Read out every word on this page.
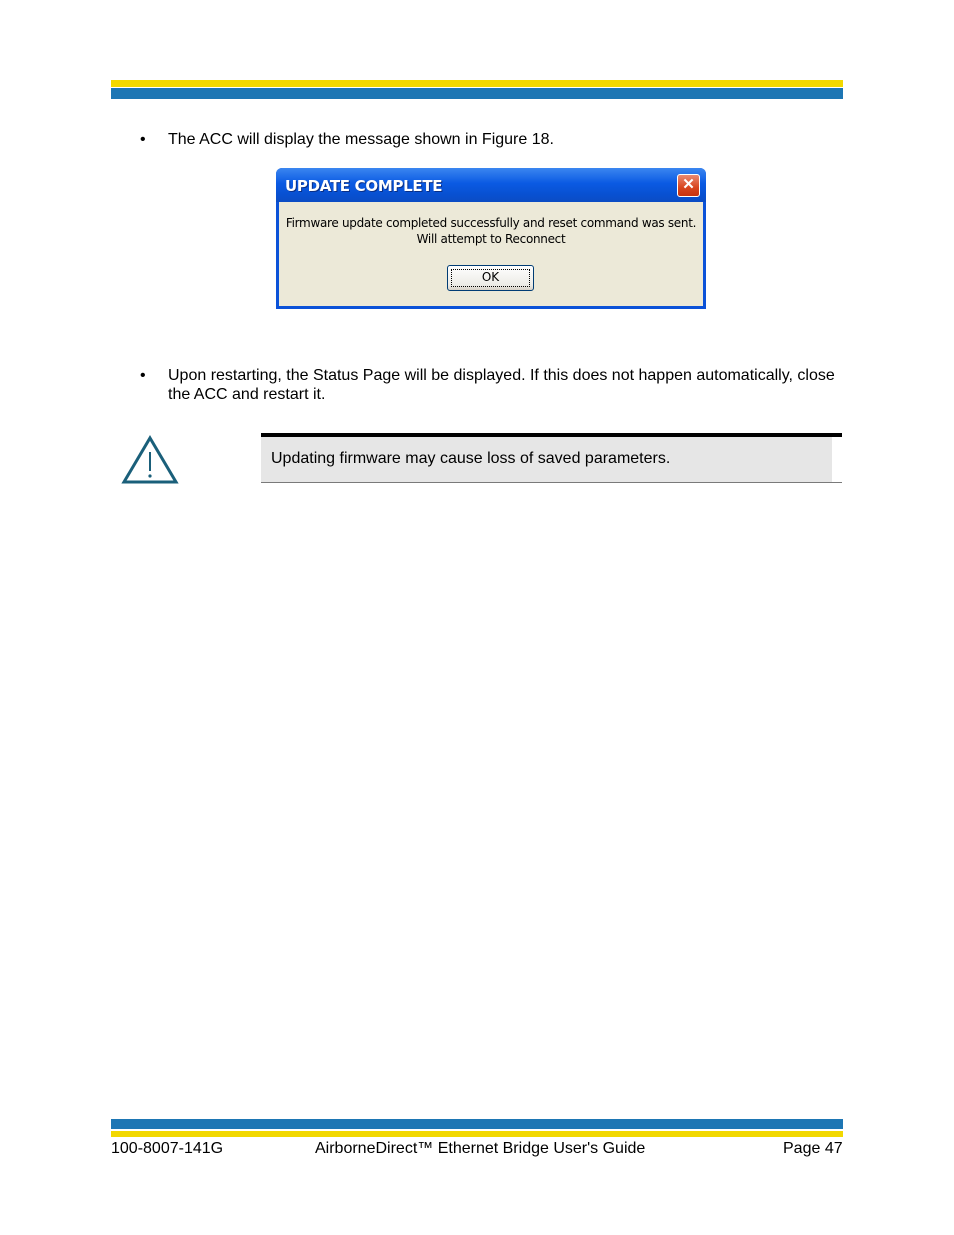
• The ACC will display the message shown in Figure 18.
UPDATE COMPLETE	✕
Firmware update completed successfully and reset command was sent.
Will attempt to Reconnect
OK
• Upon restarting, the Status Page will be displayed. If this does not happen automatically, close the ACC and restart it.
Updating firmware may cause loss of saved parameters.
100-8007-141G	AirborneDirect™ Ethernet Bridge User's Guide	Page 47
